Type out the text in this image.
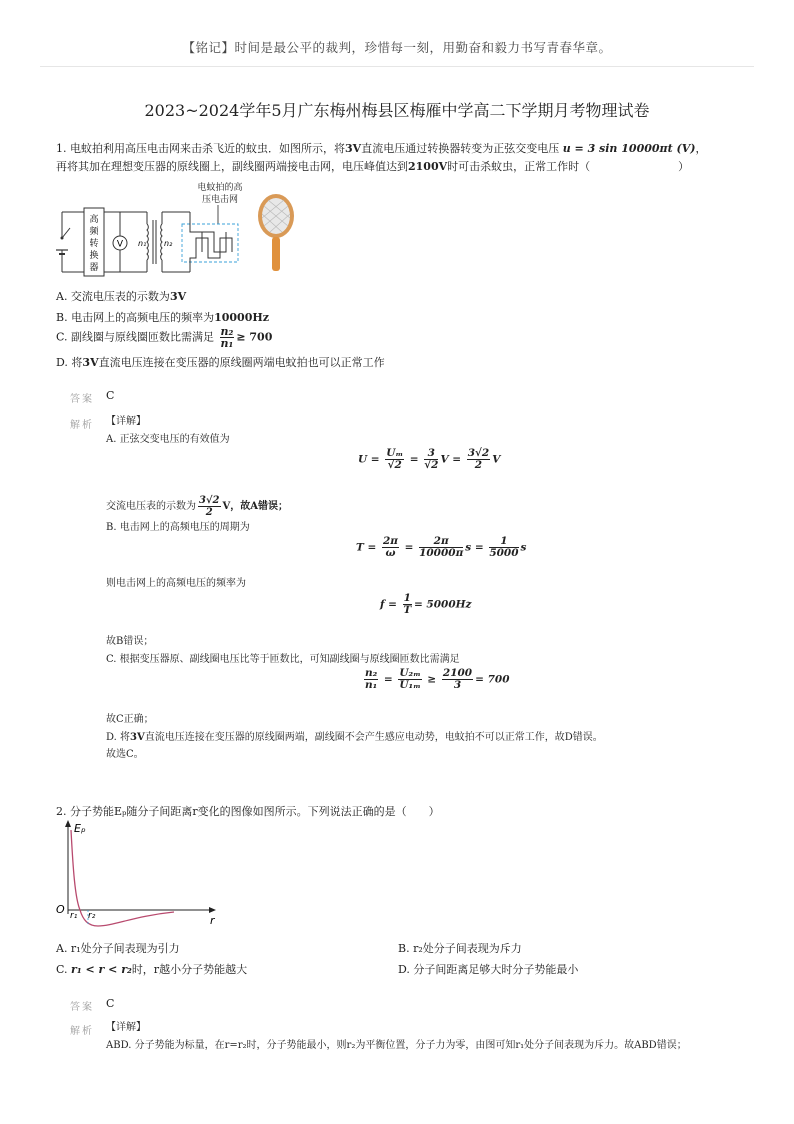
【铭记】时间是最公平的裁判，珍惜每一刻，用勤奋和毅力书写青春华章。
2023~2024学年5月广东梅州梅县区梅雁中学高二下学期月考物理试卷
1. 电蚊拍利用高压电击网来击杀飞近的蚊虫．如图所示，将3V直流电压通过转换器转变为正弦交变电压 u = 3 sin 10000πt (V)，
再将其加在理想变压器的原线圈上，副线圈两端接电击网，电压峰值达到2100V时可击杀蚊虫，正常工作时（　　　　　　　　）
电蚊拍的高
压电击网
高
频
转
换
器
V n₁ n₂
A. 交流电压表的示数为3V
B. 电击网上的高频电压的频率为10000Hz
C. 副线圈与原线圈匝数比需满足 $\frac{\text{n₂}}{\text{n₁}} \ge 700$
D. 将3V直流电压连接在变压器的原线圈两端电蚊拍也可以正常工作
答案 C
解析 【详解】
A. 正弦交变电压的有效值为
$U = \frac{\text{Uₘ}}{√2} = \frac{3}{√2}$ $V = \frac{3√2}{2}$ V
交流电压表的示数为 $\frac{3√2}{2}$ V，故A错误；
B. 电击网上的高频电压的周期为
$T = \frac{2\pi}{\omega} = \frac{2\pi}{10000\pi}$ $s = \frac{1}{5000}$ s
则电击网上的高频电压的频率为
$f = \frac{1}{T} = 5000Hz$
故B错误；
C. 根据变压器原、副线圈电压比等于匝数比，可知副线圈与原线圈匝数比需满足
$\frac{\text{n₂}}{\text{n₁}} = \frac{\text{U₂ₘ}}{\text{U₁ₘ}} \ge \frac{2100}{3} = 700$
故C正确；
D. 将3V直流电压连接在变压器的原线圈两端，副线圈不会产生感应电动势，电蚊拍不可以正常工作，故D错误。
故选C。
2. 分子势能Eₚ随分子间距离r变化的图像如图所示。下列说法正确的是（　　）
Eₚ
r
O r₁ r₂
A. r₁处分子间表现为引力	B. r₂处分子间表现为斥力
C. r₁ < r < r₂时，r越小分子势能越大	D. 分子间距离足够大时分子势能最小
答案 C
解析 【详解】
ABD. 分子势能为标量，在r=r₂时，分子势能最小，则r₂为平衡位置，分子力为零，由图可知r₁处分子间表现为斥力。故ABD错误；
